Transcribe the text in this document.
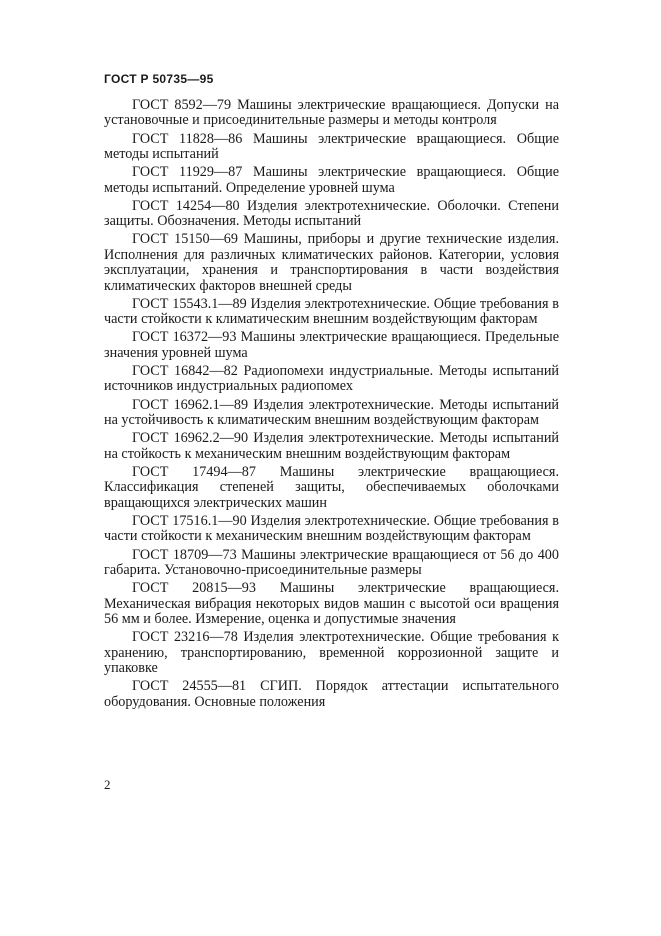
ГОСТ Р 50735—95

ГОСТ 8592—79 Машины электрические вращающиеся. Допуски на установочные и присоединительные размеры и методы контроля

ГОСТ 11828—86 Машины электрические вращающиеся. Общие методы испытаний

ГОСТ 11929—87 Машины электрические вращающиеся. Общие методы испытаний. Определение уровней шума

ГОСТ 14254—80 Изделия электротехнические. Оболочки. Степени защиты. Обозначения. Методы испытаний

ГОСТ 15150—69 Машины, приборы и другие технические изделия. Исполнения для различных климатических районов. Категории, условия эксплуатации, хранения и транспортирования в части воздействия климатических факторов внешней среды

ГОСТ 15543.1—89 Изделия электротехнические. Общие требования в части стойкости к климатическим внешним воздействующим факторам

ГОСТ 16372—93 Машины электрические вращающиеся. Предельные значения уровней шума

ГОСТ 16842—82 Радиопомехи индустриальные. Методы испытаний источников индустриальных радиопомех

ГОСТ 16962.1—89 Изделия электротехнические. Методы испытаний на устойчивость к климатическим внешним воздействующим факторам

ГОСТ 16962.2—90 Изделия электротехнические. Методы испытаний на стойкость к механическим внешним воздействующим факторам

ГОСТ 17494—87 Машины электрические вращающиеся. Классификация степеней защиты, обеспечиваемых оболочками вращающихся электрических машин

ГОСТ 17516.1—90 Изделия электротехнические. Общие требования в части стойкости к механическим внешним воздействующим факторам

ГОСТ 18709—73 Машины электрические вращающиеся от 56 до 400 габарита. Установочно-присоединительные размеры

ГОСТ 20815—93 Машины электрические вращающиеся. Механическая вибрация некоторых видов машин с высотой оси вращения 56 мм и более. Измерение, оценка и допустимые значения

ГОСТ 23216—78 Изделия электротехнические. Общие требования к хранению, транспортированию, временной коррозионной защите и упаковке

ГОСТ 24555—81 СГИП. Порядок аттестации испытательного оборудования. Основные положения

2
